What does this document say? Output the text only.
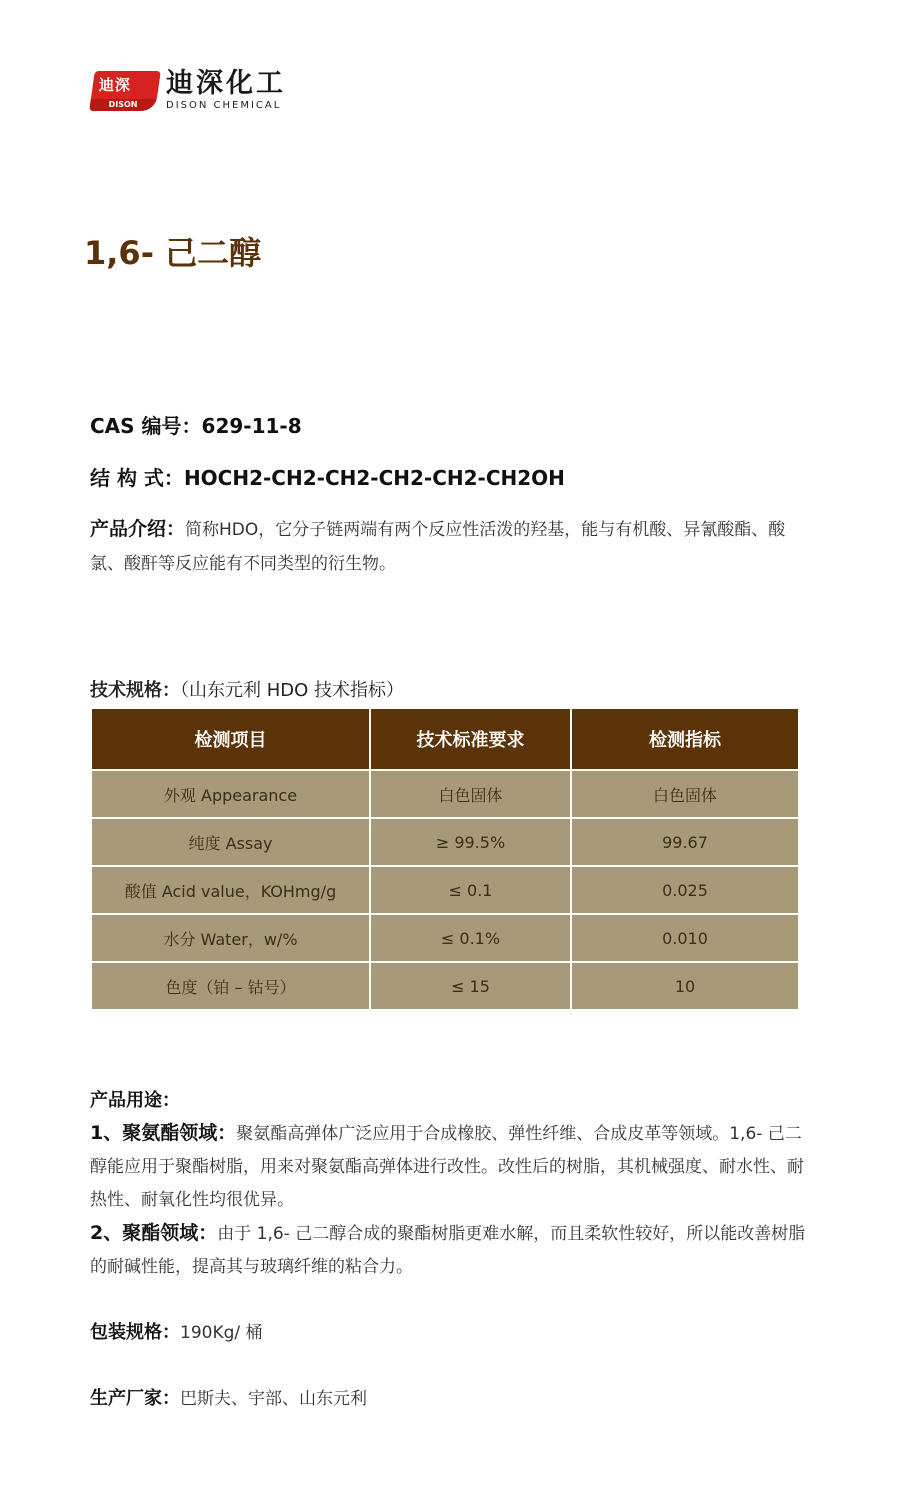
迪深
DISON
迪深化工
DISON CHEMICAL
1,6- 己二醇
CAS 编号：629-11-8
结 构 式：HOCH2-CH2-CH2-CH2-CH2-CH2OH
产品介绍：简称HDO，它分子链两端有两个反应性活泼的羟基，能与有机酸、异氰酸酯、酸氯、酸酐等反应能有不同类型的衍生物。
技术规格：（山东元利 HDO 技术指标）
检测项目	技术标准要求	检测指标
外观 Appearance	白色固体	白色固体
纯度 Assay	≥ 99.5%	99.67
酸值 Acid value，KOHmg/g	≤ 0.1	0.025
水分 Water，w/%	≤ 0.1%	0.010
色度（铂 – 钴号）	≤ 15	10
产品用途：
1、聚氨酯领域：聚氨酯高弹体广泛应用于合成橡胶、弹性纤维、合成皮革等领域。1,6- 己二醇能应用于聚酯树脂，用来对聚氨酯高弹体进行改性。改性后的树脂，其机械强度、耐水性、耐热性、耐氧化性均很优异。
2、聚酯领域：由于 1,6- 己二醇合成的聚酯树脂更难水解，而且柔软性较好，所以能改善树脂的耐碱性能，提高其与玻璃纤维的粘合力。
包装规格：190Kg/ 桶
生产厂家：巴斯夫、宇部、山东元利
